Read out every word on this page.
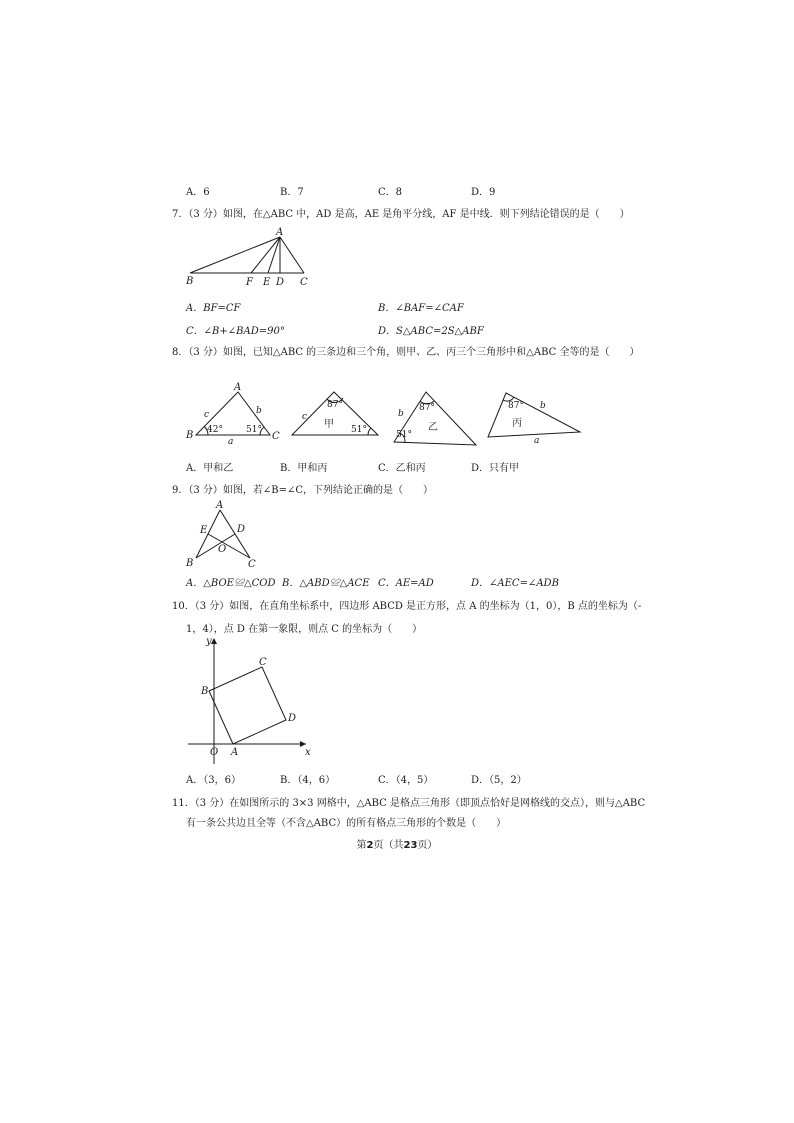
A．6	B．7	C．8	D．9
7．（3 分）如图，在△ABC 中，AD 是高，AE 是角平分线，AF 是中线．则下列结论错误的是（　　）
A
B	F E D C
A．BF=CF	B．∠BAF=∠CAF
C．∠B+∠BAD=90°	D．S△ABC=2S△ABF
8．（3 分）如图，已知△ABC 的三条边和三个角，则甲、乙、丙三个三角形中和△ABC 全等的是（　　）
A
B	C
c	b
a
42°	51°
87°
c
甲 51°
87°
b
乙
51°
87° b
丙
a
A．甲和乙	B．甲和丙	C．乙和丙	D．只有甲
9．（3 分）如图，若∠B=∠C，下列结论正确的是（　　）
A
E	D
O
B	C
A．△BOE≌△COD B．△ABD≌△ACE C．AE=AD	D．∠AEC=∠ADB
10．（3 分）如图，在直角坐标系中，四边形 ABCD 是正方形，点 A 的坐标为（1，0），B 点的坐标为（-
1，4），点 D 在第一象限，则点 C 的坐标为（　　）
y
C
B
D
O A	x
A．（3，6）	B．（4，6）	C．（4，5）	D．（5，2）
11．（3 分）在如图所示的 3×3 网格中，△ABC 是格点三角形（即顶点恰好是网格线的交点），则与△ABC
有一条公共边且全等（不含△ABC）的所有格点三角形的个数是（　　）
第2页（共23页）
